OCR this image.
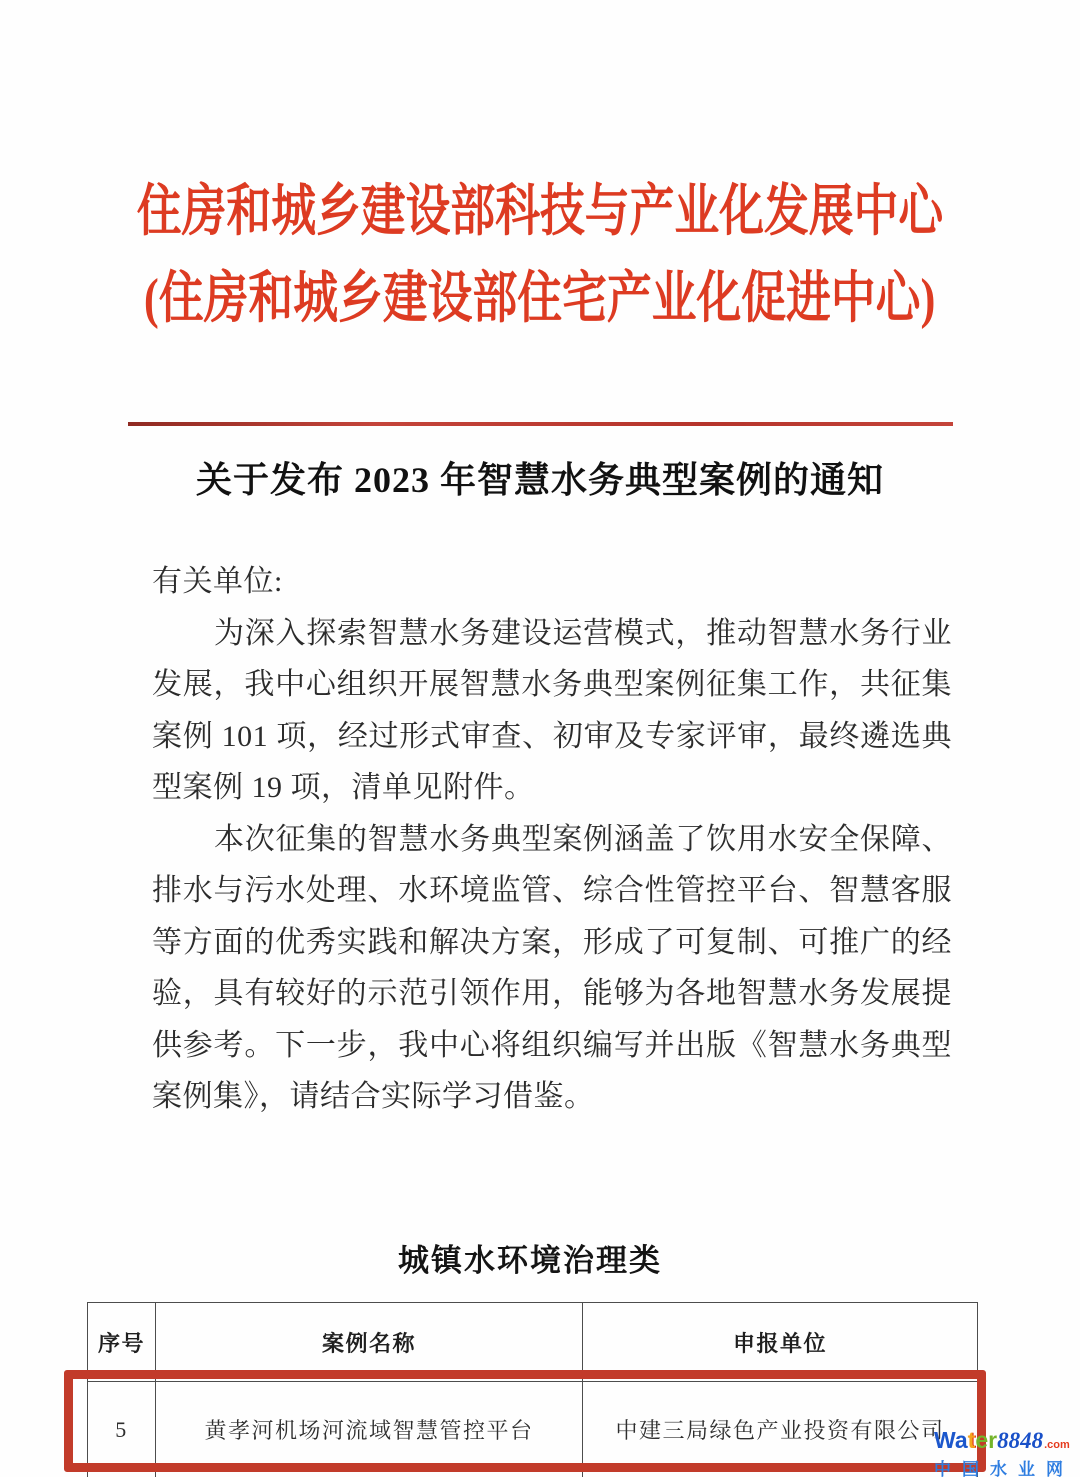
住房和城乡建设部科技与产业化发展中心
(住房和城乡建设部住宅产业化促进中心)
关于发布 2023 年智慧水务典型案例的通知
有关单位:
为深入探索智慧水务建设运营模式，推动智慧水务行业
发展，我中心组织开展智慧水务典型案例征集工作，共征集
案例 101 项，经过形式审查、初审及专家评审，最终遴选典
型案例 19 项，清单见附件。
本次征集的智慧水务典型案例涵盖了饮用水安全保障、
排水与污水处理、水环境监管、综合性管控平台、智慧客服
等方面的优秀实践和解决方案，形成了可复制、可推广的经
验，具有较好的示范引领作用，能够为各地智慧水务发展提
供参考。下一步，我中心将组织编写并出版《智慧水务典型
案例集》，请结合实际学习借鉴。
城镇水环境治理类
序号	案例名称	申报单位
5	黄孝河机场河流域智慧管控平台	中建三局绿色产业投资有限公司
Wa t er 8848 .com
中国水业网
